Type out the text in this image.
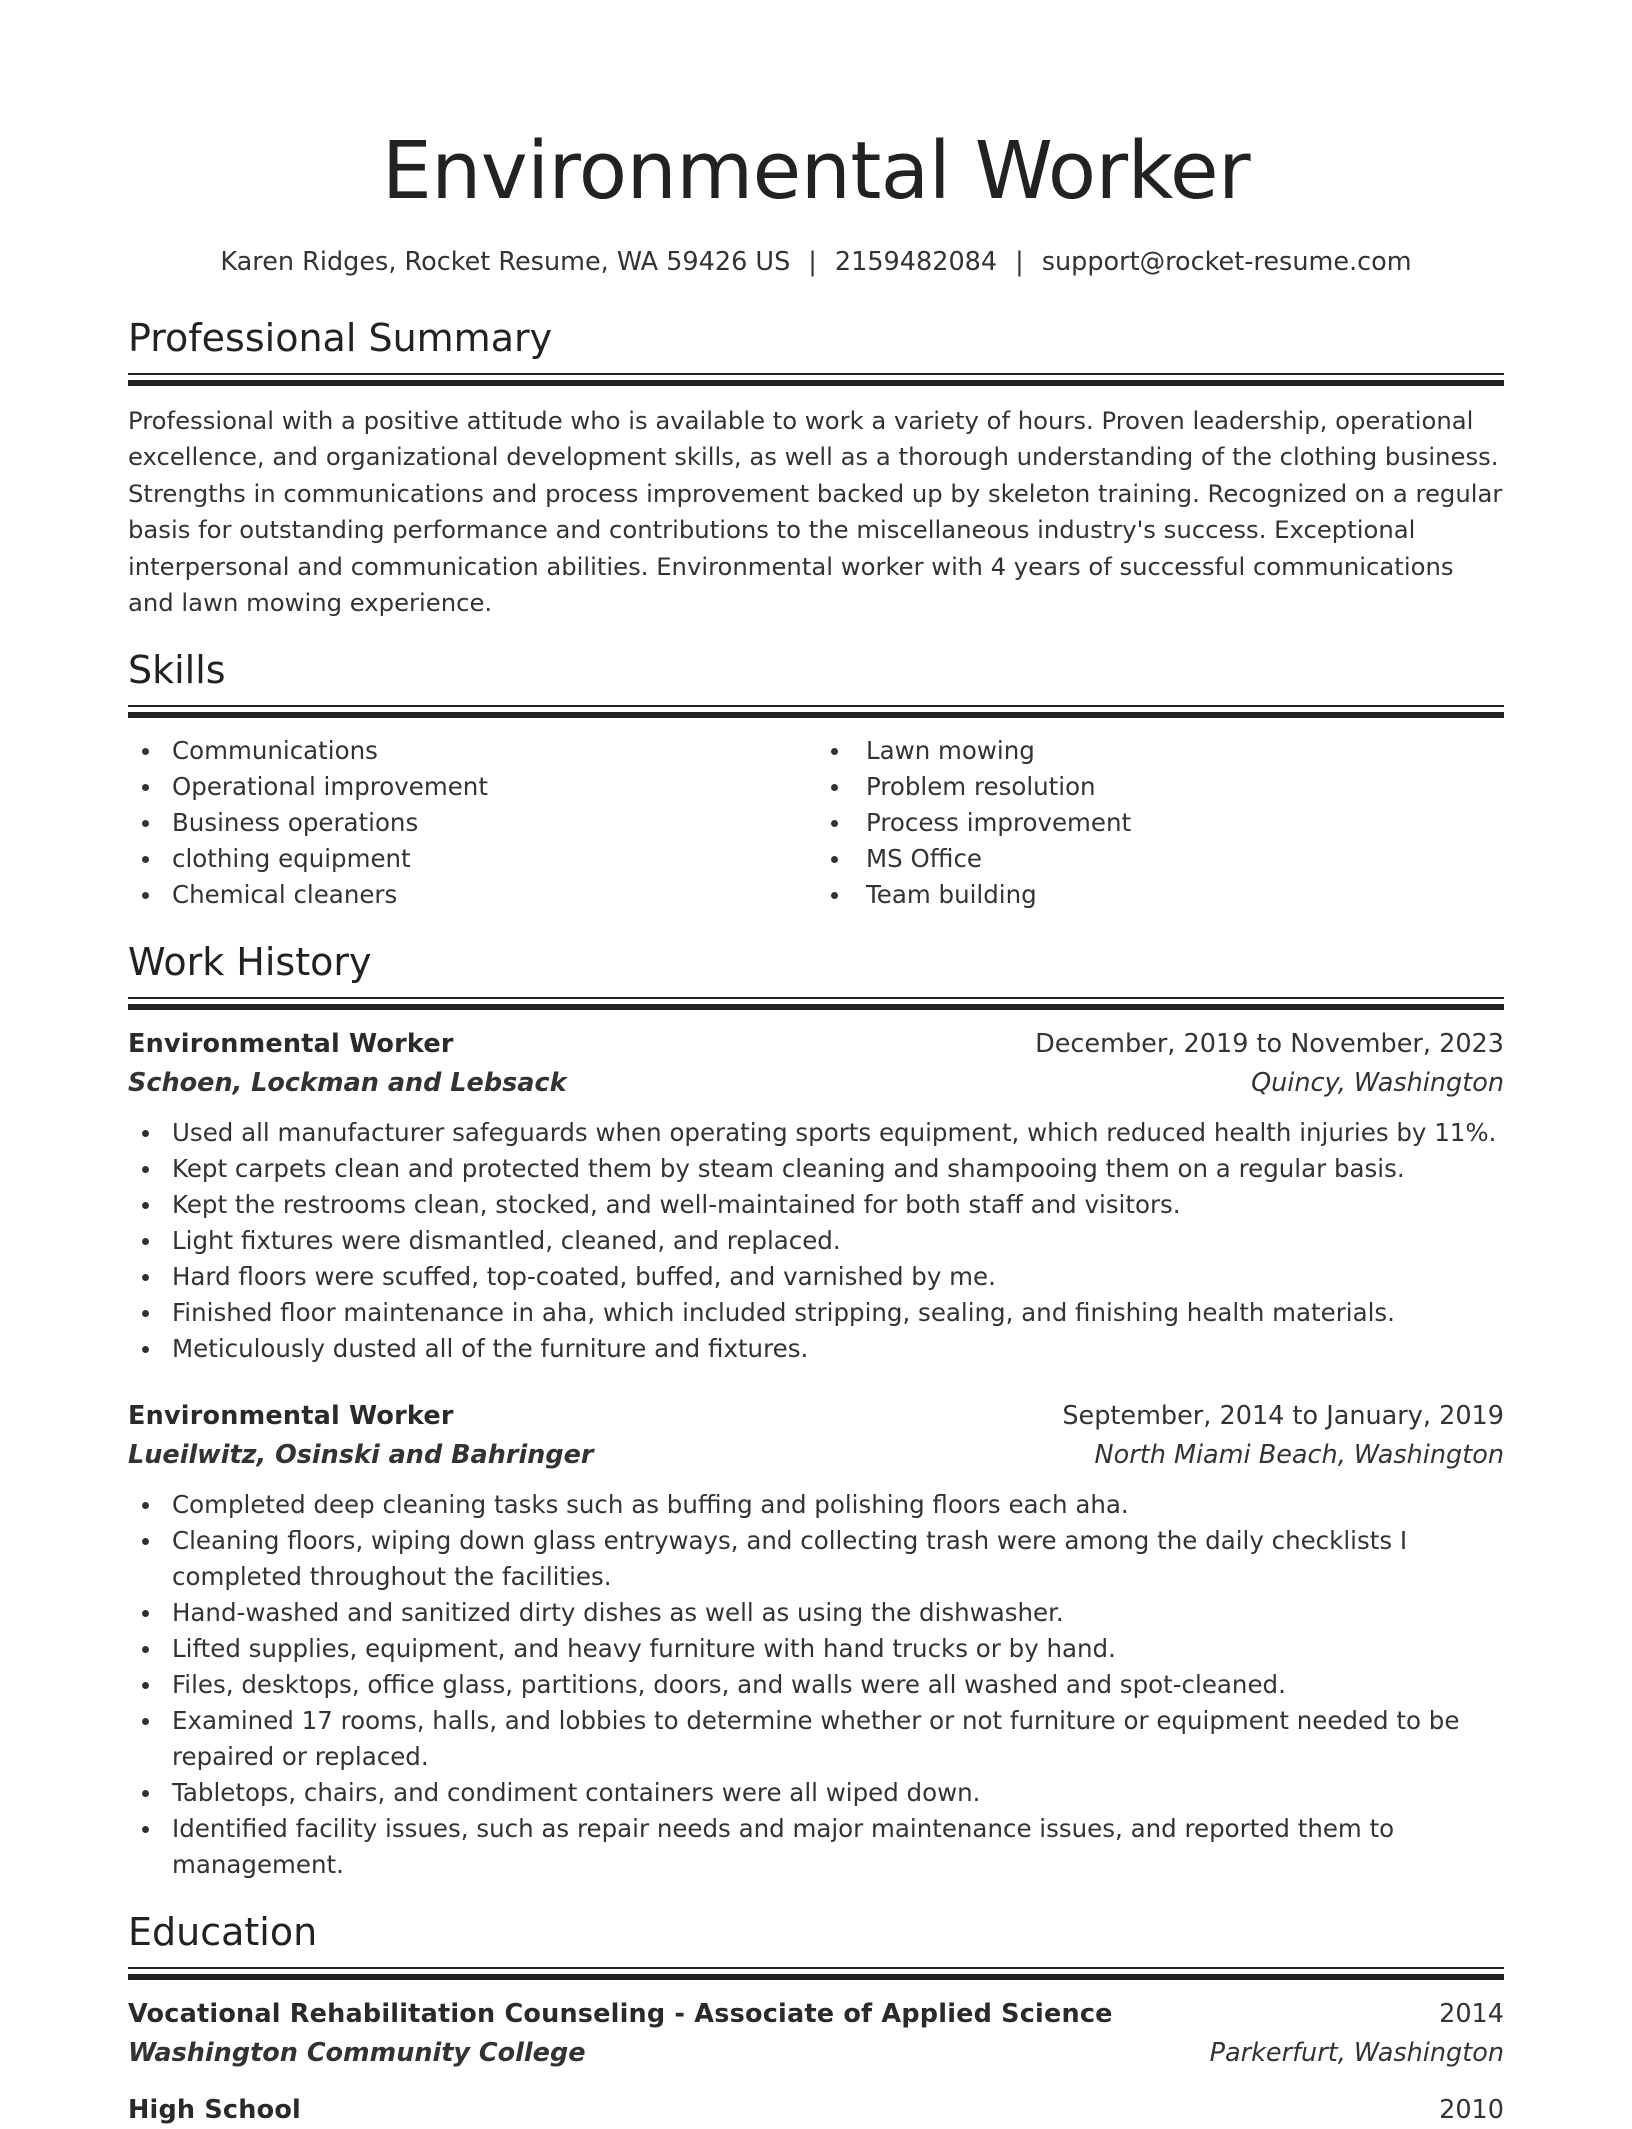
Environmental Worker
Karen Ridges, Rocket Resume, WA 59426 US | 2159482084 | support@rocket-resume.com
Professional Summary
Professional with a positive attitude who is available to work a variety of hours. Proven leadership, operational excellence, and organizational development skills, as well as a thorough understanding of the clothing business. Strengths in communications and process improvement backed up by skeleton training. Recognized on a regular basis for outstanding performance and contributions to the miscellaneous industry's success. Exceptional interpersonal and communication abilities. Environmental worker with 4 years of successful communications and lawn mowing experience.
Skills
Communications
Operational improvement
Business operations
clothing equipment
Chemical cleaners
Lawn mowing
Problem resolution
Process improvement
MS Office
Team building
Work History
Environmental Worker	December, 2019 to November, 2023
Schoen, Lockman and Lebsack	Quincy, Washington
Used all manufacturer safeguards when operating sports equipment, which reduced health injuries by 11%.
Kept carpets clean and protected them by steam cleaning and shampooing them on a regular basis.
Kept the restrooms clean, stocked, and well-maintained for both staff and visitors.
Light fixtures were dismantled, cleaned, and replaced.
Hard floors were scuffed, top-coated, buffed, and varnished by me.
Finished floor maintenance in aha, which included stripping, sealing, and finishing health materials.
Meticulously dusted all of the furniture and fixtures.
Environmental Worker	September, 2014 to January, 2019
Lueilwitz, Osinski and Bahringer	North Miami Beach, Washington
Completed deep cleaning tasks such as buffing and polishing floors each aha.
Cleaning floors, wiping down glass entryways, and collecting trash were among the daily checklists I completed throughout the facilities.
Hand-washed and sanitized dirty dishes as well as using the dishwasher.
Lifted supplies, equipment, and heavy furniture with hand trucks or by hand.
Files, desktops, office glass, partitions, doors, and walls were all washed and spot-cleaned.
Examined 17 rooms, halls, and lobbies to determine whether or not furniture or equipment needed to be repaired or replaced.
Tabletops, chairs, and condiment containers were all wiped down.
Identified facility issues, such as repair needs and major maintenance issues, and reported them to management.
Education
Vocational Rehabilitation Counseling - Associate of Applied Science	2014
Washington Community College	Parkerfurt, Washington
High School	2010
